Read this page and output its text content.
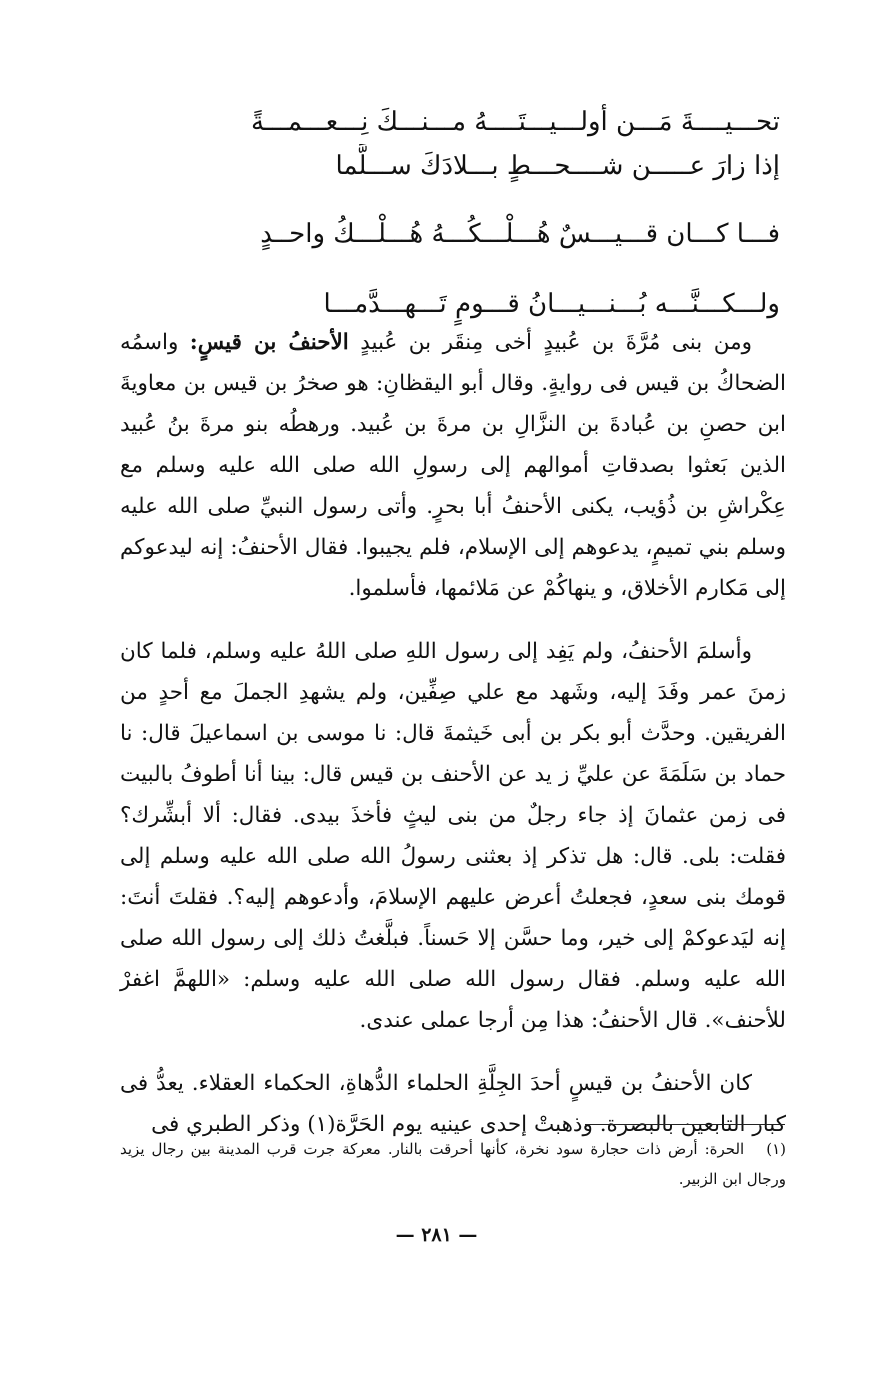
تحـــيــــةَ مَـــن أولـــيـــتَــــهُ مـــنـــكَ نِـــعـــمـــةً
إذا زارَ عـــــن شــــحـــطٍ بـــلادَكَ ســـلَّما
فـــا كـــان قـــيـــسٌ هُـــلْـــكُـــهُ هُـــلْـــكُ واحــدٍ
ولـــكـــنَّـــه بُـــنـــيـــانُ قـــومٍ تَـــهـــدَّمـــا

ومن بنى مُرَّةَ بن عُبيدٍ أخى مِنقَر بن عُبيدٍ الأحنفُ بن قيسٍ: واسمُه الضحاكُ بن قيس فى روايةٍ. وقال أبو اليقظانِ: هو صخرُ بن قيس بن معاويةَ ابن حصنِ بن عُبادةَ بن النزَّالِ بن مرةَ بن عُبيد. ورهطُه بنو مرةَ بنُ عُبيد الذين بَعثوا بصدقاتِ أموالهم إلى رسولِ الله صلى الله عليه وسلم مع عِكْراشِ بن ذُؤيب، يكنى الأحنفُ أبا بحرٍ. وأتى رسول النبيِّ صلى الله عليه وسلم بني تميمٍ، يدعوهم إلى الإسلام، فلم يجيبوا. فقال الأحنفُ: إنه ليدعوكم إلى مَكارم الأخلاق، و ينهاكُمْ عن مَلائمها، فأسلموا.

وأسلمَ الأحنفُ، ولم يَفِد إلى رسول اللهِ صلى اللهُ عليه وسلم، فلما كان زمنَ عمر وفَدَ إليه، وشَهد مع علي صِفِّين، ولم يشهدِ الجملَ مع أحدٍ من الفريقين. وحدَّث أبو بكر بن أبى خَيثمةَ قال: نا موسى بن اسماعيلَ قال: نا حماد بن سَلَمَةَ عن عليِّ ز يد عن الأحنف بن قيس قال: بينا أنا أطوفُ بالبيت فى زمن عثمانَ إذ جاء رجلٌ من بنى ليثٍ فأخذَ بيدى. فقال: ألا أبشِّرك؟ فقلت: بلى. قال: هل تذكر إذ بعثنى رسولُ الله صلى الله عليه وسلم إلى قومك بنى سعدٍ، فجعلتُ أعرض عليهم الإسلامَ، وأدعوهم إليه؟. فقلتَ أنتَ: إنه ليَدعوكمْ إلى خير، وما حسَّن إلا حَسناً. فبلَّغتُ ذلك إلى رسول الله صلى الله عليه وسلم. فقال رسول الله صلى الله عليه وسلم: «اللهمَّ اغفرْ للأحنف». قال الأحنفُ: هذا مِن أرجا عملى عندى.

كان الأحنفُ بن قيسٍ أحدَ الجِلَّةِ الحلماء الدُّهاةِ، الحكماء العقلاء. يعدُّ فى كبار التابعين بالبصرة. وذهبتْ إحدى عينيه يوم الحَرَّة(١) وذكر الطبري فى

(١)الحرة: أرض ذات حجارة سود نخرة، كأنها أحرقت بالنار. معركة جرت قرب المدينة بين رجال يزيد ورجال ابن الزبير.
— ٢٨١ —
